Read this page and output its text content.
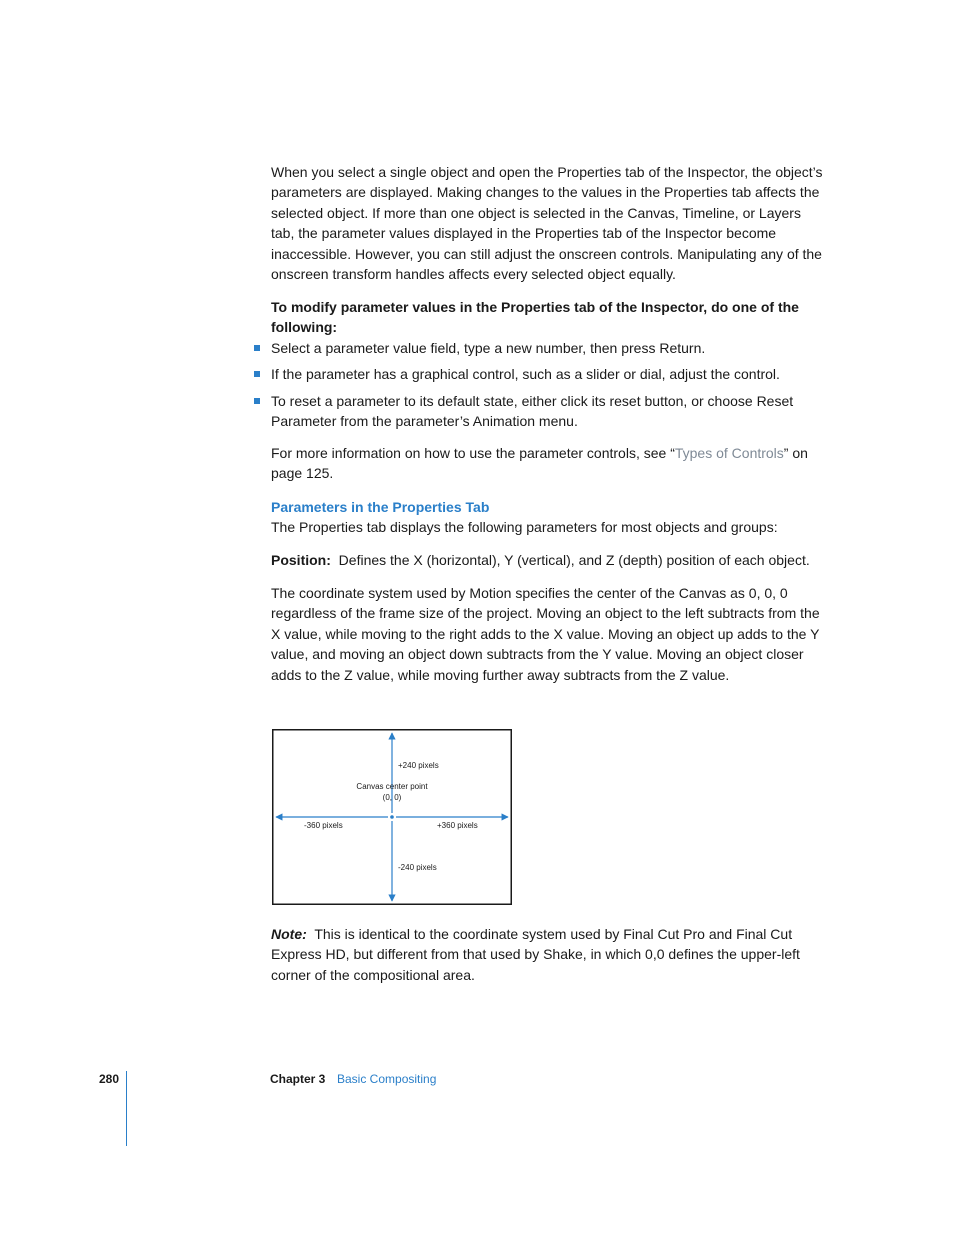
When you select a single object and open the Properties tab of the Inspector, the object’s parameters are displayed. Making changes to the values in the Properties tab affects the selected object. If more than one object is selected in the Canvas, Timeline, or Layers tab, the parameter values displayed in the Properties tab of the Inspector become inaccessible. However, you can still adjust the onscreen controls. Manipulating any of the onscreen transform handles affects every selected object equally.

To modify parameter values in the Properties tab of the Inspector, do one of the following:

Select a parameter value field, type a new number, then press Return.
If the parameter has a graphical control, such as a slider or dial, adjust the control.
To reset a parameter to its default state, either click its reset button, or choose Reset Parameter from the parameter’s Animation menu.

For more information on how to use the parameter controls, see “Types of Controls” on page 125.

Parameters in the Properties Tab

The Properties tab displays the following parameters for most objects and groups:

Position: Defines the X (horizontal), Y (vertical), and Z (depth) position of each object.

The coordinate system used by Motion specifies the center of the Canvas as 0, 0, 0 regardless of the frame size of the project. Moving an object to the left subtracts from the X value, while moving to the right adds to the X value. Moving an object up adds to the Y value, and moving an object down subtracts from the Y value. Moving an object closer adds to the Z value, while moving further away subtracts from the Z value.

+240 pixels
Canvas center point
(0, 0)
-360 pixels	+360 pixels
-240 pixels

Note: This is identical to the coordinate system used by Final Cut Pro and Final Cut Express HD, but different from that used by Shake, in which 0,0 defines the upper-left corner of the compositional area.

280	Chapter 3 Basic Compositing
